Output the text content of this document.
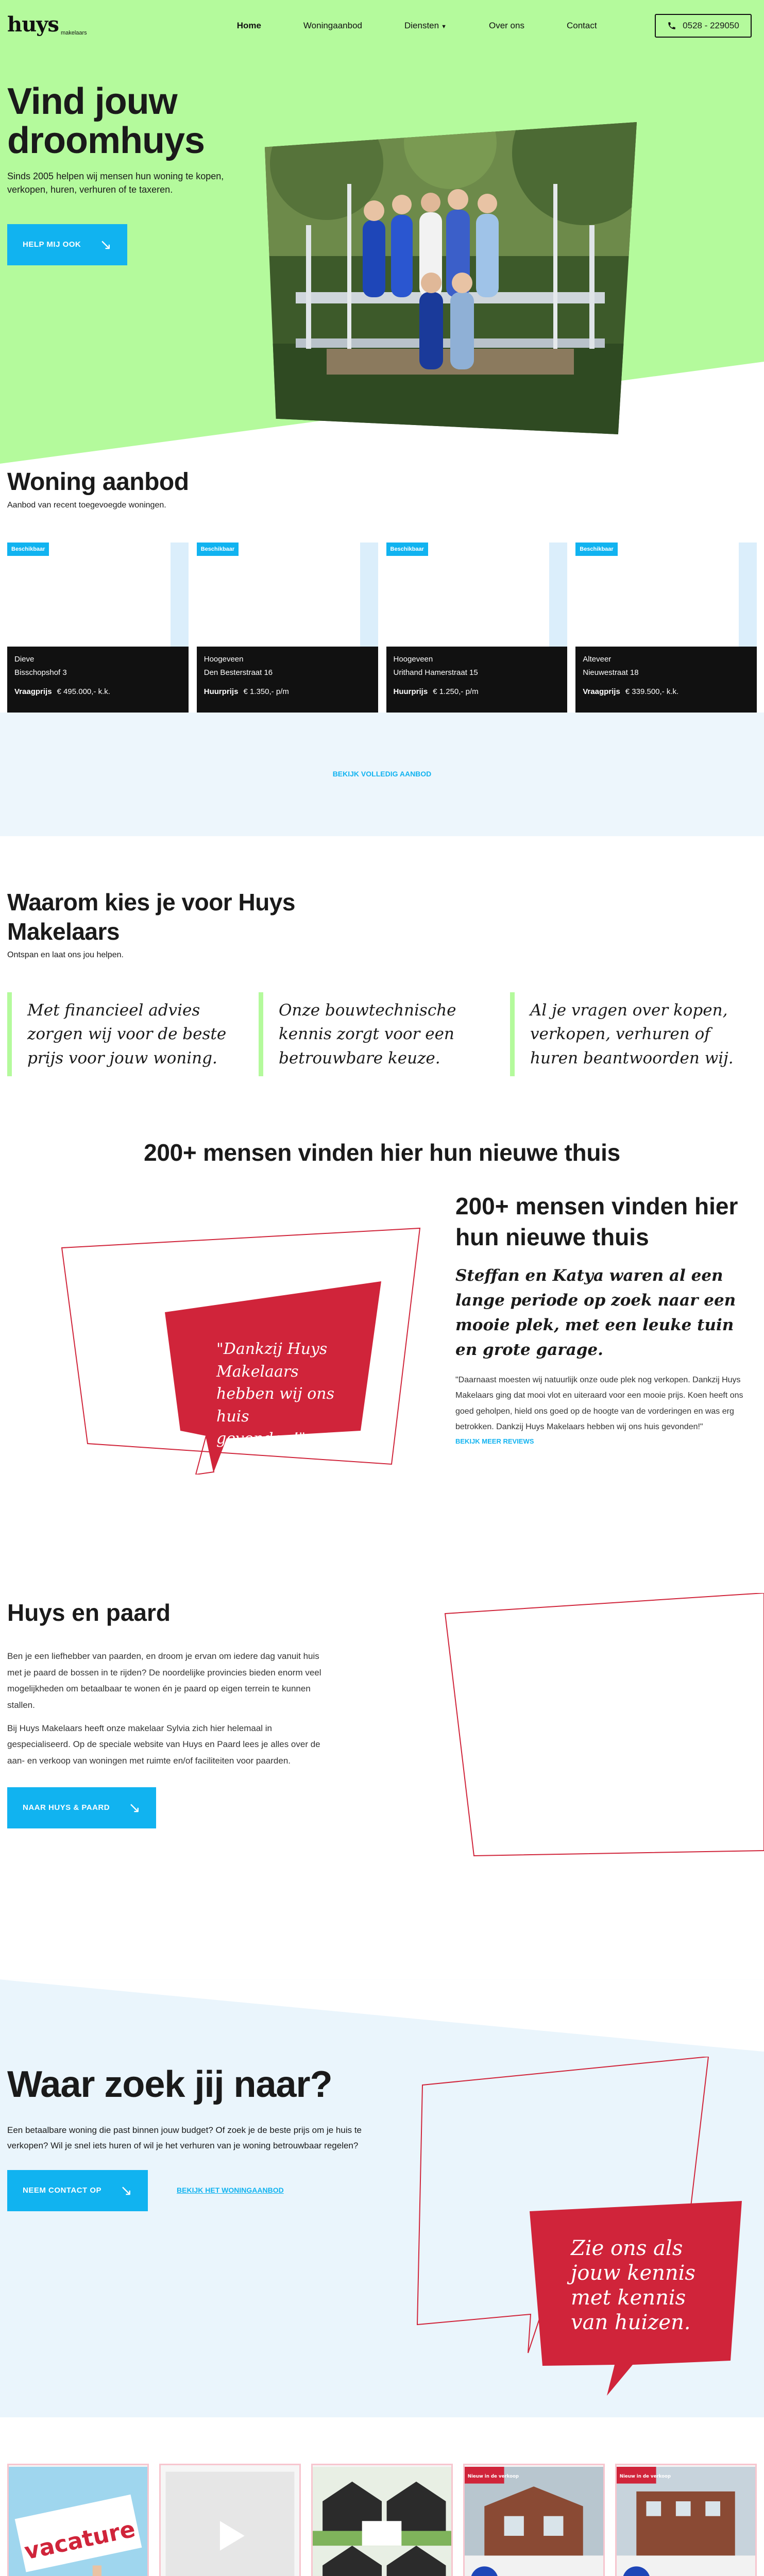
huys makelaars
Home	Woningaanbod	Diensten ▼	Over ons	Contact	0528 - 229050
Vind jouw droomhuys

Sinds 2005 helpen wij mensen hun woning te kopen, verkopen, huren, verhuren of te taxeren.

HELP MIJ OOK ↘
Woning aanbod
Aanbod van recent toegevoegde woningen.
Beschikbaar
Dieve
Bisschopshof 3
Vraagprijs € 495.000,- k.k.
Beschikbaar
Hoogeveen
Den Besterstraat 16
Huurprijs € 1.350,- p/m
Beschikbaar
Hoogeveen
Urithand Hamerstraat 15
Huurprijs € 1.250,- p/m
Beschikbaar
Alteveer
Nieuwestraat 18
Vraagprijs € 339.500,- k.k.
BEKIJK VOLLEDIG AANBOD
Waarom kies je voor Huys Makelaars
Ontspan en laat ons jou helpen.
Met financieel advies zorgen wij voor de beste prijs voor jouw woning.
Onze bouwtechnische kennis zorgt voor een betrouwbare keuze.
Al je vragen over kopen, verkopen, verhuren of huren beantwoorden wij.
200+ mensen vinden hier hun nieuwe thuis
"Dankzij Huys Makelaars hebben wij ons huis gevonden!"
200+ mensen vinden hier hun nieuwe thuis
Steffan en Katya waren al een lange periode op zoek naar een mooie plek, met een leuke tuin en grote garage.

"Daarnaast moesten wij natuurlijk onze oude plek nog verkopen. Dankzij Huys Makelaars ging dat mooi vlot en uiteraard voor een mooie prijs. Koen heeft ons goed geholpen, hield ons goed op de hoogte van de vorderingen en was erg betrokken. Dankzij Huys Makelaars hebben wij ons huis gevonden!"

BEKIJK MEER REVIEWS
Huys en paard

Ben je een liefhebber van paarden, en droom je ervan om iedere dag vanuit huis met je paard de bossen in te rijden? De noordelijke provincies bieden enorm veel mogelijkheden om betaalbaar te wonen én je paard op eigen terrein te kunnen stallen.

Bij Huys Makelaars heeft onze makelaar Sylvia zich hier helemaal in gespecialiseerd. Op de speciale website van Huys en Paard lees je alles over de aan- en verkoop van woningen met ruimte en/of faciliteiten voor paarden.

NAAR HUYS & PAARD ↘
Waar zoek jij naar?

Een betaalbare woning die past binnen jouw budget? Of zoek je de beste prijs om je huis te verkopen? Wil je snel iets huren of wil je het verhuren van je woning betrouwbaar regelen?

NEEM CONTACT OP ↘	BEKIJK HET WONINGAANBOD
Zie ons als jouw kennis met kennis van huizen.
vacature
Nieuw in de verkoop	Nieuw in de verkoop
